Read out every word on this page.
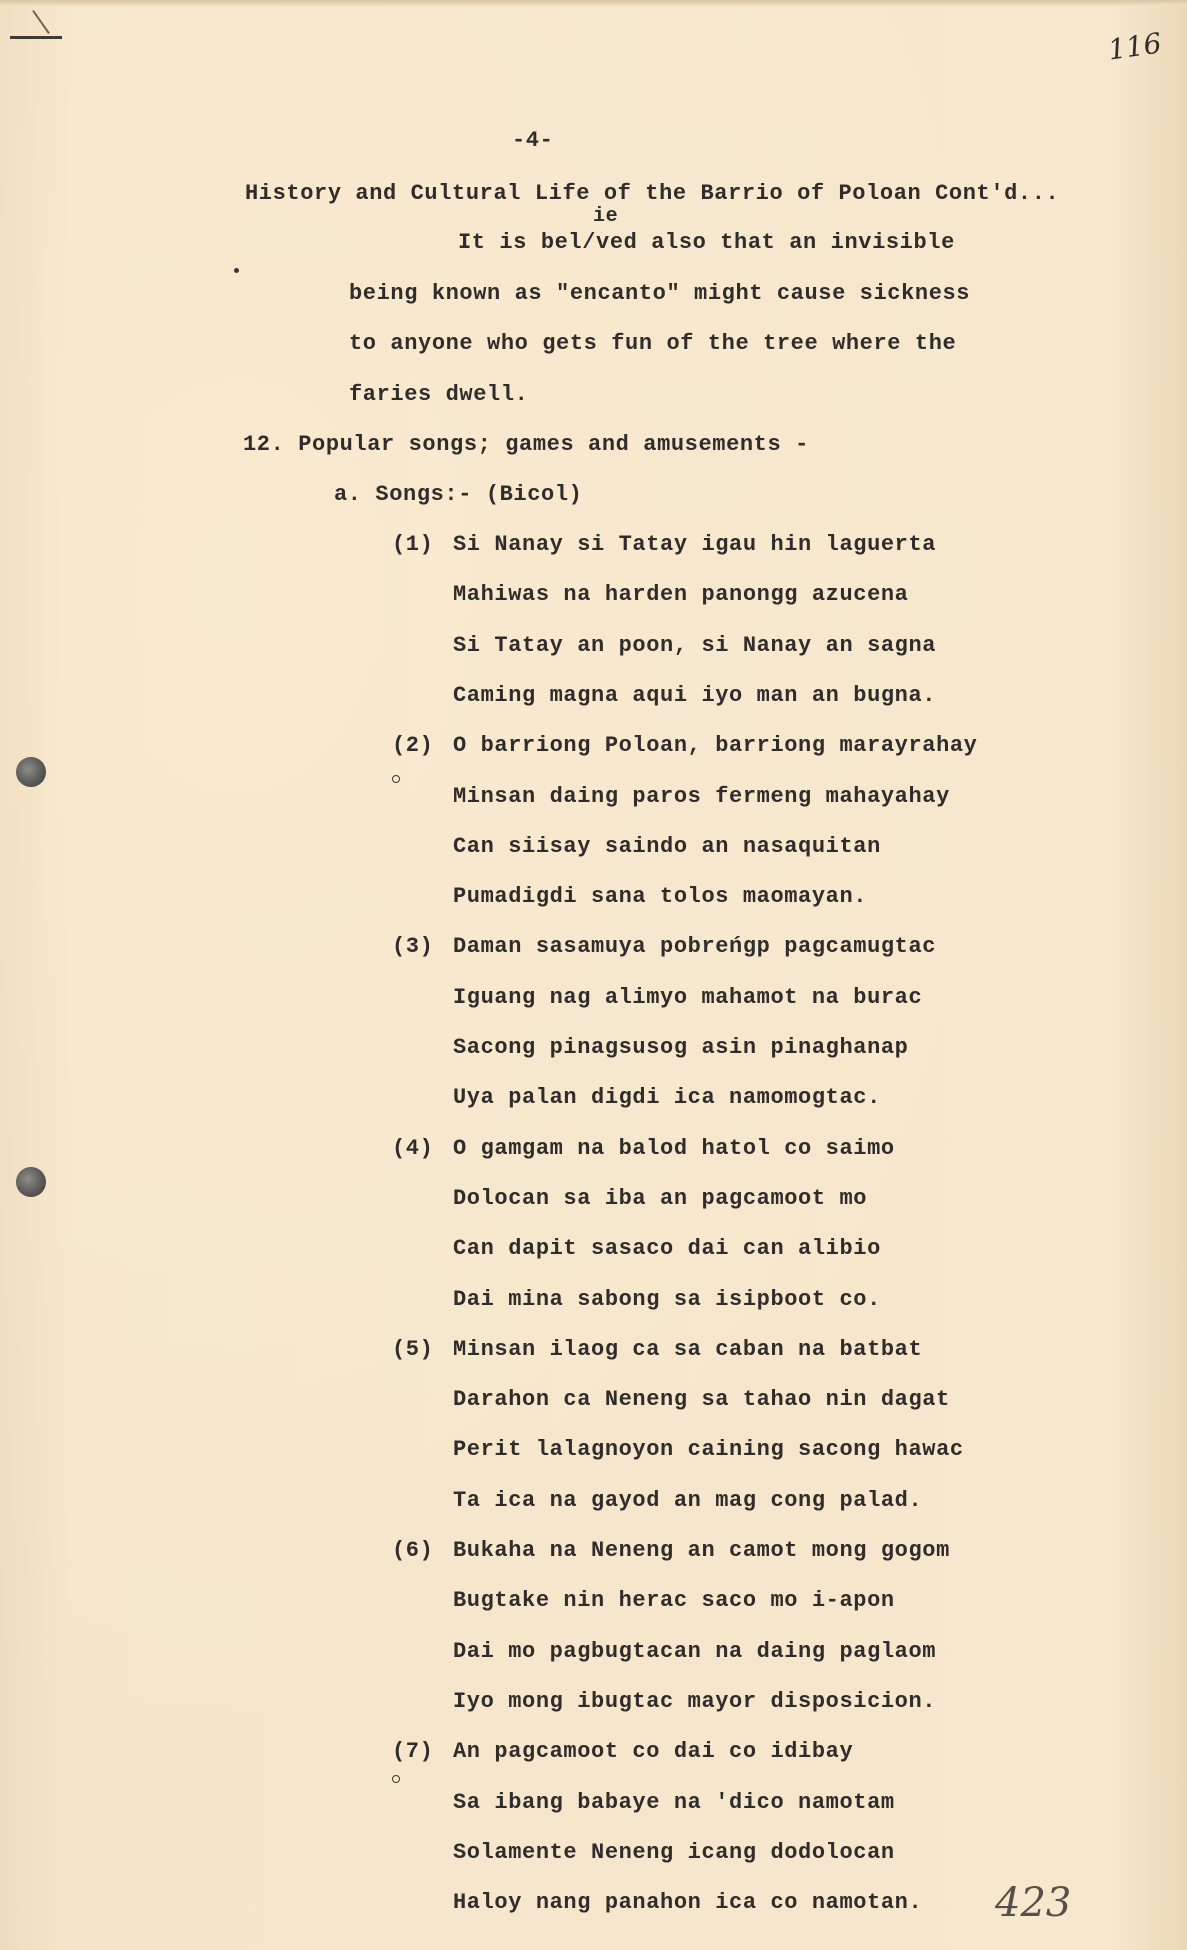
116
-4-
History and Cultural Life of the Barrio of Poloan Cont'd...
ie
It is bel/ved also that an invisible
being known as "encanto" might cause sickness
to anyone who gets fun of the tree where the
faries dwell.
12. Popular songs; games and amusements -
a. Songs:- (Bicol)
(1) Si Nanay si Tatay igau hin laguerta
Mahiwas na harden panongg azucena
Si Tatay an poon, si Nanay an sagna
Caming magna aqui iyo man an bugna.
(2) O barriong Poloan, barriong marayrahay
Minsan daing paros fermeng mahayahay
Can siisay saindo an nasaquitan
Pumadigdi sana tolos maomayan.
(3) Daman sasamuya pobreńgp pagcamugtac
Iguang nag alimyo mahamot na burac
Sacong pinagsusog asin pinaghanap
Uya palan digdi ica namomogtac.
(4) O gamgam na balod hatol co saimo
Dolocan sa iba an pagcamoot mo
Can dapit sasaco dai can alibio
Dai mina sabong sa isipboot co.
(5) Minsan ilaog ca sa caban na batbat
Darahon ca Neneng sa tahao nin dagat
Perit lalagnoyon caining sacong hawac
Ta ica na gayod an mag cong palad.
(6) Bukaha na Neneng an camot mong gogom
Bugtake nin herac saco mo i-apon
Dai mo pagbugtacan na daing paglaom
Iyo mong ibugtac mayor disposicion.
(7) An pagcamoot co dai co idibay
Sa ibang babaye na 'dico namotam
Solamente Neneng icang dodolocan
Haloy nang panahon ica co namotan. 423
